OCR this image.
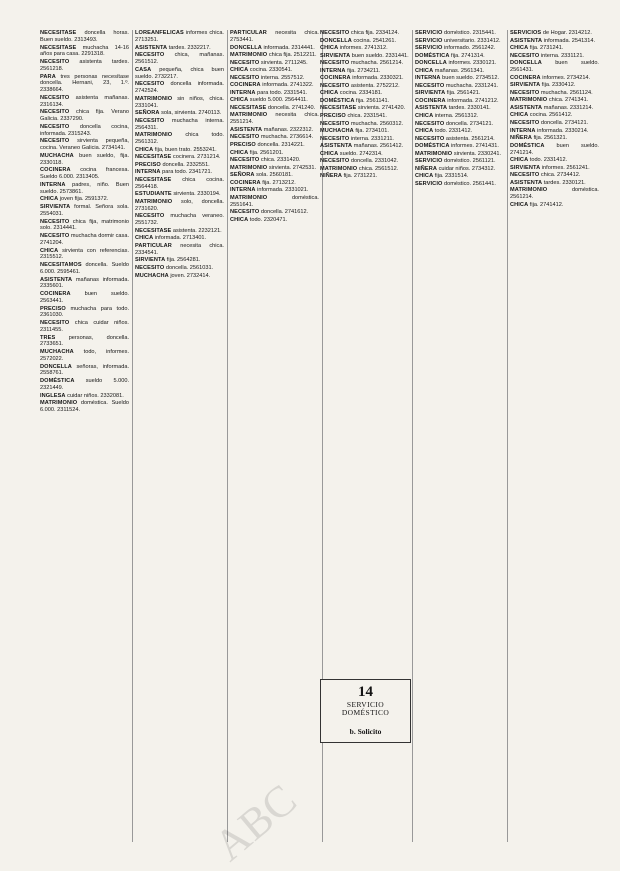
NECESITASE doncella horas. Buen sueldo. 2313493.

NECESITASE muchacha 14-16 años para casa. 2291318.

NECESITO asistenta tardes. 2561218.

PARA tres personas necesítase doncella. Hernani, 23, 1.º. 2338664.

NECESITO asistenta mañanas. 2316134.

NECESITO chica fija. Verano Galicia. 2337290.

NECESITO doncella cocina, informada. 2315243.

NECESITO sirvienta pequeña, cocina. Veraneo Galicia. 2734141.

MUCHACHA buen sueldo, fija. 2330118.

COCINERA cocina francesa. Sueldo 6.000. 2313405.

INTERNA padres, niño. Buen sueldo. 2573861.

CHICA joven fija. 2591372.

SIRVIENTA formal. Señora sola. 2554031.

NECESITO chica fija, matrimonio solo. 2314441.

NECESITO muchacha dormir casa. 2741204.

CHICA sirvienta con referencias. 2315512.

NECESITAMOS doncella. Sueldo 6.000. 2595461.

ASISTENTA mañanas informada. 2335601.

COCINERA buen sueldo. 2563441.

PRECISO muchacha para todo. 2361030.

NECESITO chica cuidar niños. 2311455.

TRES personas, doncella. 2733651.

MUCHACHA todo, informes. 2572022.

DONCELLA señoras, informada. 2558761.

DOMÉSTICA sueldo 5.000. 2321449.

INGLESA cuidar niños. 2332081.

MATRIMONIO doméstica. Sueldo 6.000. 2311524.

LOREANFELICAS informes chica. 2713251.

ASISTENTA tardes. 2332217.

NECESITO chica, mañanas. 2561512.

CASA pequeña, chica buen sueldo. 2732217.

NECESITO doncella informada. 2742524.

MATRIMONIO sin niños, chica. 2331041.

SEÑORA sola, sirvienta. 2740113.

NECESITO muchacha interna. 2564311.

MATRIMONIO chica todo. 2561312.

CHICA fija, buen trato. 2553241.

NECESITASE cocinera. 2731214.

PRECISO doncella. 2332551.

INTERNA para todo. 2341721.

NECESITASE chica cocina. 2564418.

ESTUDIANTE sirvienta. 2330194.

MATRIMONIO solo, doncella. 2731620.

NECESITO muchacha veraneo. 2551732.

NECESITASE asistenta. 2232121.

CHICA informada. 2713401.

PARTICULAR necesita chica. 2334541.

SIRVIENTA fija. 2564281.

NECESITO doncella. 2561031.

MUCHACHA joven. 2732414.

PARTICULAR necesita chica. 2753441.

DONCELLA informada. 2314441.

MATRIMONIO chica fija. 2512211.

NECESITO sirvienta. 2711245.

CHICA cocina. 2330541.

NECESITO interna. 2557512.

COCINERA informada. 2741322.

INTERNA para todo. 2331541.

CHICA sueldo 5.000. 2564411.

NECESITASE doncella. 2741240.

MATRIMONIO necesita chica. 2551214.

ASISTENTA mañanas. 2322312.

NECESITO muchacha. 2736614.

PRECISO doncella. 2314221.

CHICA fija. 2561201.

NECESITO chica. 2331420.

MATRIMONIO sirvienta. 2742531.

SEÑORA sola. 2560181.

COCINERA fija. 2713212.

INTERNA informada. 2331021.

MATRIMONIO	doméstica. 2551641.

NECESITO doncella. 2741612.

CHICA todo. 2320471.

NECESITO chica fija. 2334124.

DONCELLA cocina. 2541261.

CHICA informes. 2741312.

SIRVIENTA buen sueldo. 2331441.

NECESITO muchacha. 2561214.

INTERNA fija. 2734211.

COCINERA informada. 2330321.

NECESITO asistenta. 2752212.

CHICA cocina. 2334181.

DOMÉSTICA fija. 2561141.

NECESITASE sirvienta. 2741420.

PRECISO chica. 2331541.

NECESITO muchacha. 2560312.

MUCHACHA fija. 2734101.

NECESITO interna. 2331211.

ASISTENTA mañanas. 2561412.

CHICA sueldo. 2742314.

NECESITO doncella. 2331042.

MATRIMONIO chica. 2561512.

NIÑERA fija. 2731221.

SERVICIO doméstico. 2315441.

SERVICIO universitario. 2331412.

SERVICIO informado. 2561242.

DOMÉSTICA fija. 2741314.

DONCELLA informes. 2330121.

CHICA mañanas. 2561341.

INTERNA buen sueldo. 2734512.

NECESITO muchacha. 2331241.

SIRVIENTA fija. 2561421.

COCINERA informada. 2741212.

ASISTENTA tardes. 2330141.

CHICA interna. 2561312.

NECESITO doncella. 2734121.

CHICA todo. 2331412.

NECESITO asistenta. 2561214.

DOMÉSTICA informes. 2741431.

MATRIMONIO sirvienta. 2330241.

SERVICIO doméstico. 2561121.

NIÑERA cuidar niños. 2734312.

CHICA fija. 2331514.

SERVICIO doméstico. 2561441.

SERVICIOS de Hogar. 2314212.

ASISTENTA informada. 2541314.

CHICA fija. 2731241.

NECESITO interna. 2331121.

DONCELLA buen sueldo. 2561431.

COCINERA informes. 2734214.

SIRVIENTA fija. 2330412.

NECESITO muchacha. 2561124.

MATRIMONIO chica. 2741341.

ASISTENTA mañanas. 2331214.

CHICA cocina. 2561412.

NECESITO doncella. 2734121.

INTERNA informada. 2330214.

NIÑERA fija. 2561321.

DOMÉSTICA buen sueldo. 2741214.

CHICA todo. 2331412.

SIRVIENTA informes. 2561241.

NECESITO chica. 2734412.

ASISTENTA tardes. 2330121.

MATRIMONIO	doméstica. 2561214.

CHICA fija. 2741412.

14
SERVICIO
DOMÉSTICO
b. Solicito
ABC
